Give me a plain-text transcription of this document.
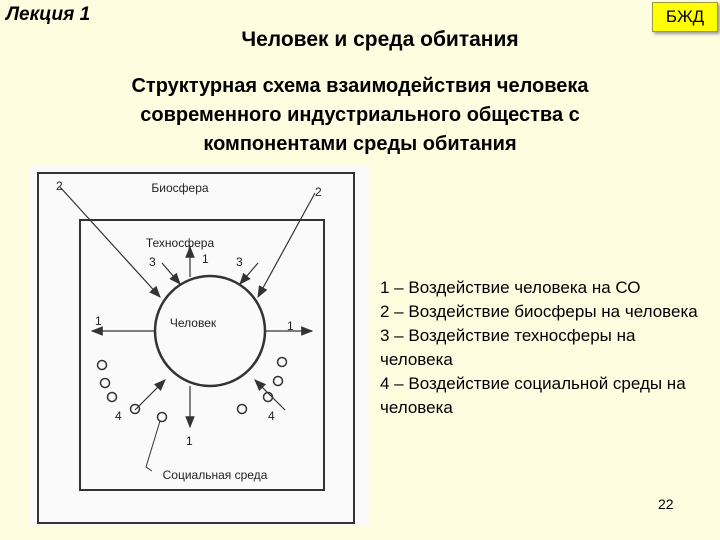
Лекция 1	БЖД
Человек и среда обитания
Структурная схема взаимодействия человека
современного индустриального общества с
компонентами среды обитания
Биосфера
Техносфера
Человек
Социальная среда
2	2
3	1 3
1	1
4	4
1
1 – Воздействие человека на СО
2 – Воздействие биосферы на человека
3 – Воздействие техносферы на человека
4 – Воздействие социальной среды на человека
22
